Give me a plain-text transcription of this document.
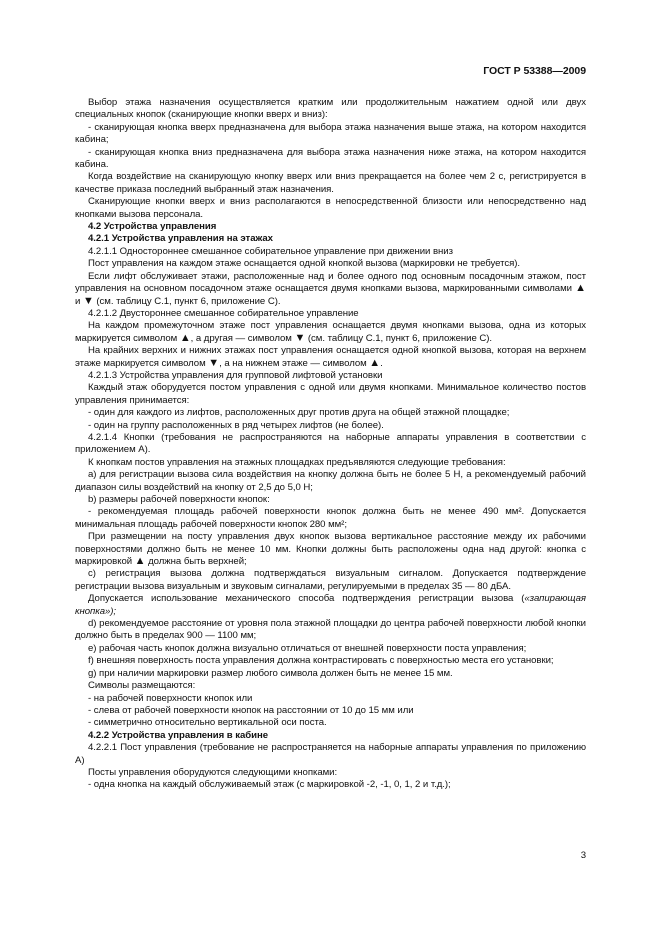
ГОСТ Р 53388—2009

Выбор этажа назначения осуществляется кратким или продолжительным нажатием одной или двух специальных кнопок (сканирующие кнопки вверх и вниз):

- сканирующая кнопка вверх предназначена для выбора этажа назначения выше этажа, на котором находится кабина;

- сканирующая кнопка вниз предназначена для выбора этажа назначения ниже этажа, на котором находится кабина.

Когда воздействие на сканирующую кнопку вверх или вниз прекращается на более чем 2 с, регистрируется в качестве приказа последний выбранный этаж назначения.

Сканирующие кнопки вверх и вниз располагаются в непосредственной близости или непосредственно над кнопками вызова персонала.

4.2 Устройства управления

4.2.1 Устройства управления на этажах

4.2.1.1 Одностороннее смешанное собирательное управление при движении вниз

Пост управления на каждом этаже оснащается одной кнопкой вызова (маркировки не требуется).

Если лифт обслуживает этажи, расположенные над и более одного под основным посадочным этажом, пост управления на основном посадочном этаже оснащается двумя кнопками вызова, маркированными символами ▲ и ▼ (см. таблицу С.1, пункт 6, приложение С).

4.2.1.2 Двустороннее смешанное собирательное управление

На каждом промежуточном этаже пост управления оснащается двумя кнопками вызова, одна из которых маркируется символом ▲, а другая — символом ▼ (см. таблицу С.1, пункт 6, приложение С).

На крайних верхних и нижних этажах пост управления оснащается одной кнопкой вызова, которая на верхнем этаже маркируется символом ▼, а на нижнем этаже — символом ▲.

4.2.1.3 Устройства управления для групповой лифтовой установки

Каждый этаж оборудуется постом управления с одной или двумя кнопками. Минимальное количество постов управления принимается:

- один для каждого из лифтов, расположенных друг против друга на общей этажной площадке;

- один на группу расположенных в ряд четырех лифтов (не более).

4.2.1.4 Кнопки (требования не распространяются на наборные аппараты управления в соответствии с приложением А).

К кнопкам постов управления на этажных площадках предъявляются следующие требования:

a) для регистрации вызова сила воздействия на кнопку должна быть не более 5 Н, а рекомендуемый рабочий диапазон силы воздействий на кнопку от 2,5 до 5,0 Н;

b) размеры рабочей поверхности кнопок:

- рекомендуемая площадь рабочей поверхности кнопок должна быть не менее 490 мм². Допускается минимальная площадь рабочей поверхности кнопок 280 мм²;

При размещении на посту управления двух кнопок вызова вертикальное расстояние между их рабочими поверхностями должно быть не менее 10 мм. Кнопки должны быть расположены одна над другой: кнопка с маркировкой ▲ должна быть верхней;

c) регистрация вызова должна подтверждаться визуальным сигналом. Допускается подтверждение регистрации вызова визуальным и звуковым сигналами, регулируемыми в пределах 35 — 80 дБА.

Допускается использование механического способа подтверждения регистрации вызова («запирающая кнопка»);

d) рекомендуемое расстояние от уровня пола этажной площадки до центра рабочей поверхности любой кнопки должно быть в пределах 900 — 1100 мм;

e) рабочая часть кнопок должна визуально отличаться от внешней поверхности поста управления;

f) внешняя поверхность поста управления должна контрастировать с поверхностью места его установки;

g) при наличии маркировки размер любого символа должен быть не менее 15 мм.

Символы размещаются:

- на рабочей поверхности кнопок или

- слева от рабочей поверхности кнопок на расстоянии от 10 до 15 мм или

- симметрично относительно вертикальной оси поста.

4.2.2 Устройства управления в кабине

4.2.2.1 Пост управления (требование не распространяется на наборные аппараты управления по приложению А)

Посты управления оборудуются следующими кнопками:

- одна кнопка на каждый обслуживаемый этаж (с маркировкой -2, -1, 0, 1, 2 и т.д.);

3
